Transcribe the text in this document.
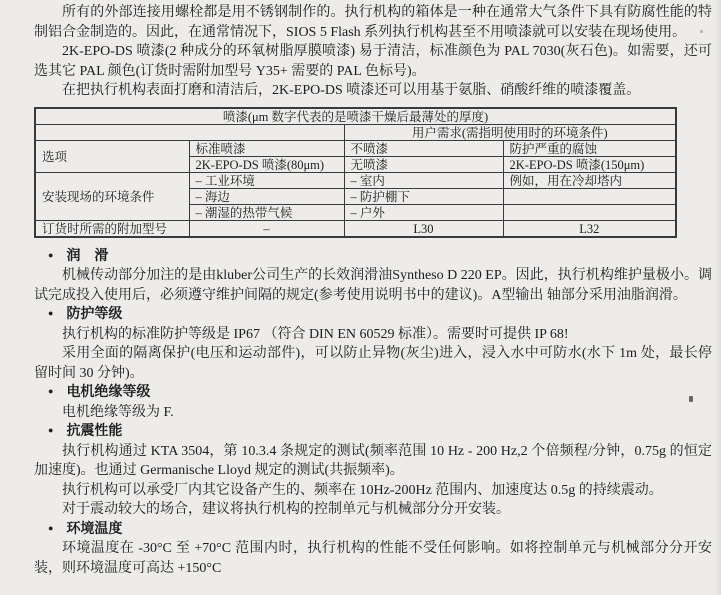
所有的外部连接用螺栓都是用不锈钢制作的。执行机构的箱体是一种在通常大气条件下具有防腐性能的特制铝合金制造的。因此，在通常情况下，SIOS 5 Flash 系列执行机构甚至不用喷漆就可以安装在现场使用。

2K-EPO-DS 喷漆(2 种成分的环氧树脂厚膜喷漆) 易于清洁，标准颜色为 PAL 7030(灰石色)。如需要，还可选其它 PAL 颜色(订货时需附加型号 Y35+ 需要的 PAL 色标号)。

在把执行机构表面打磨和清洁后，2K-EPO-DS 喷漆还可以用基于氨脂、硝酸纤维的喷漆覆盖。

喷漆(μm 数字代表的是喷漆干燥后最薄处的厚度)			
		用户需求(需指明使用时的环境条件)	
选项	标准喷漆	不喷漆	防护严重的腐蚀
	2K-EPO-DS 喷漆(80μm)	无喷漆	2K-EPO-DS 喷漆(150μm)
安装现场的环境条件	– 工业环境	– 室内	例如，用在冷却塔内
	– 海边	– 防护棚下	
	– 潮湿的热带气候	– 户外	
订货时所需的附加型号	–	L30	L32
● 润　滑

机械传动部分加注的是由kluber公司生产的长效润滑油Syntheso D 220 EP。因此，执行机构维护量极小。调试完成投入使用后，必须遵守维护间隔的规定(参考使用说明书中的建议)。A型输出 轴部分采用油脂润滑。

● 防护等级

执行机构的标准防护等级是 IP67 （符合 DIN EN 60529 标准）。需要时可提供 IP 68!

采用全面的隔离保护(电压和运动部件)，可以防止异物(灰尘)进入，浸入水中可防水(水下 1m 处，最长停留时间 30 分钟)。

● 电机绝缘等级

电机绝缘等级为 F.

● 抗震性能

执行机构通过 KTA 3504，第 10.3.4 条规定的测试(频率范围 10 Hz - 200 Hz,2 个倍频程/分钟，0.75g 的恒定加速度)。也通过 Germanische Lloyd 规定的测试(共振频率)。

执行机构可以承受厂内其它设备产生的、频率在 10Hz-200Hz 范围内、加速度达 0.5g 的持续震动。

对于震动较大的场合，建议将执行机构的控制单元与机械部分分开安装。

● 环境温度

环境温度在 -30°C 至 +70°C 范围内时，执行机构的性能不受任何影响。如将控制单元与机械部分分开安装，则环境温度可高达 +150°C
